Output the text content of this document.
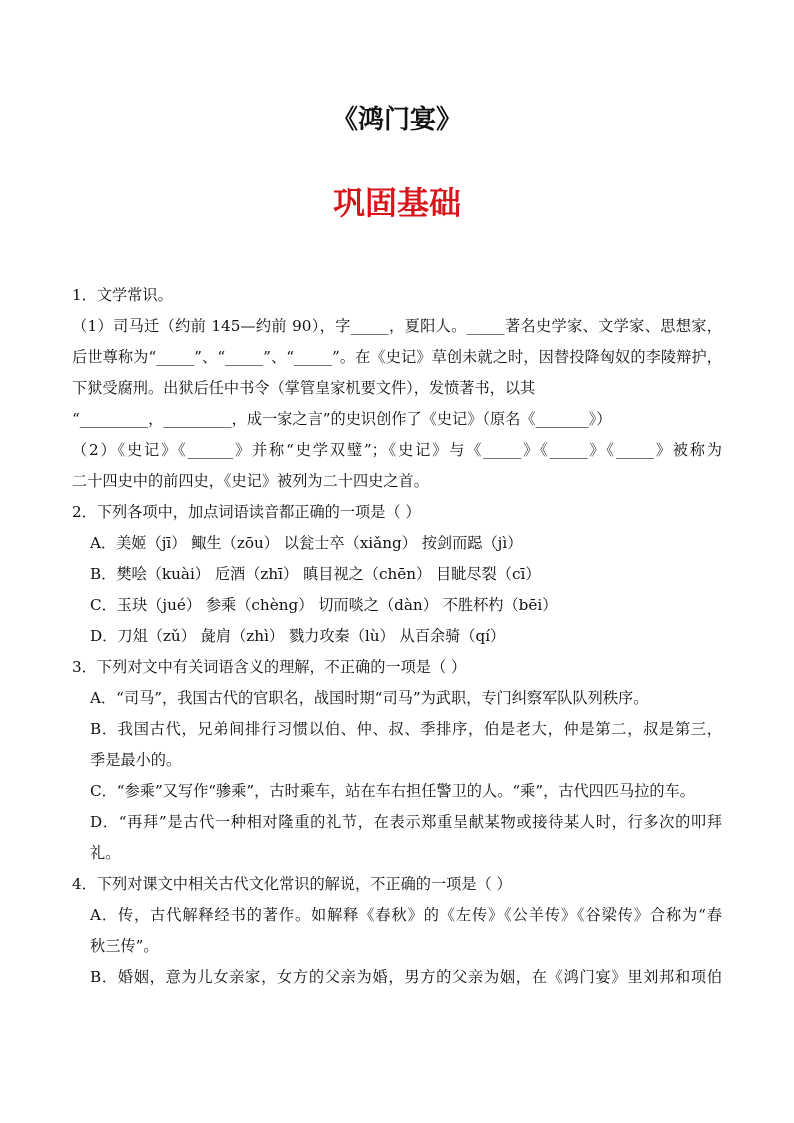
《鸿门宴》
巩固基础
1．文学常识。
（1）司马迁（约前 145—约前 90），字_____，夏阳人。_____著名史学家、文学家、思想家，
后世尊称为“_____”、“_____”、“_____”。在《史记》草创未就之时，因替投降匈奴的李陵辩护，
下狱受腐刑。出狱后任中书令（掌管皇家机要文件），发愤著书，以其
“_________，_________，成一家之言”的史识创作了《史记》（原名《_______》）
（2）《史记》《______》并称“史学双璧”；《史记》与《_____》《_____》《_____》被称为
二十四史中的前四史，《史记》被列为二十四史之首。
2．下列各项中，加点词语读音都正确的一项是（ ）
A．美姬（jī） 鲰生（zōu） 以瓮士卒（xiǎng） 按剑而跽（jì）
B．樊哙（kuài） 卮酒（zhī） 瞋目视之（chēn） 目眦尽裂（cī）
C．玉玦（jué） 参乘（chèng） 切而啖之（dàn） 不胜杯杓（bēi）
D．刀俎（zǔ） 彘肩（zhì） 戮力攻秦（lù） 从百余骑（qí）
3．下列对文中有关词语含义的理解，不正确的一项是（ ）
A．“司马”，我国古代的官职名，战国时期“司马”为武职，专门纠察军队队列秩序。
B．我国古代，兄弟间排行习惯以伯、仲、叔、季排序，伯是老大，仲是第二，叔是第三，
季是最小的。
C．“参乘”又写作“骖乘”，古时乘车，站在车右担任警卫的人。“乘”，古代四匹马拉的车。
D．“再拜”是古代一种相对隆重的礼节，在表示郑重呈献某物或接待某人时，行多次的叩拜
礼。
4．下列对课文中相关古代文化常识的解说，不正确的一项是（ ）
A．传，古代解释经书的著作。如解释《春秋》的《左传》《公羊传》《谷梁传》合称为“春
秋三传”。
B．婚姻，意为儿女亲家，女方的父亲为婚，男方的父亲为姻，在《鸿门宴》里刘邦和项伯
